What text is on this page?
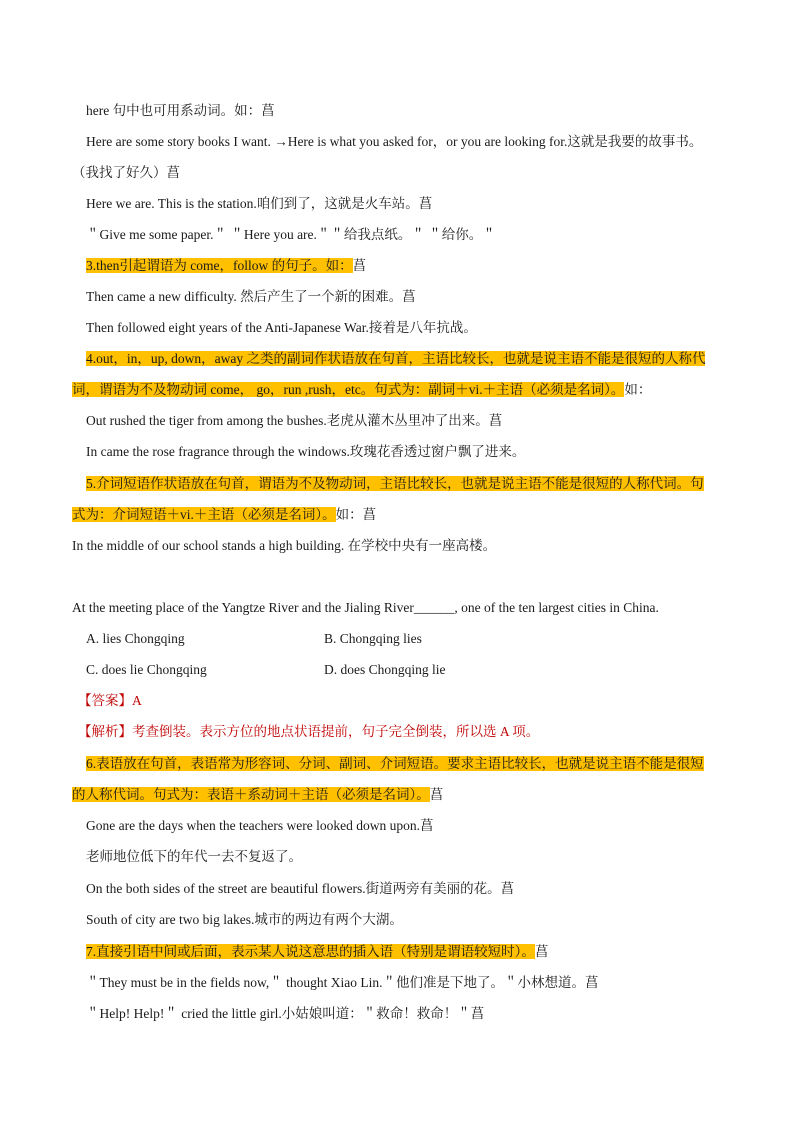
here 句中也可用系动词。如：菖
Here are some story books I want. →Here is what you asked for，or you are looking for.这就是我要的故事书。
（我找了好久）菖
Here we are. This is the station.咱们到了，这就是火车站。菖
＂Give me some paper.＂ ＂Here you are.＂＂给我点纸。＂ ＂给你。＂
3.then引起谓语为 come，follow 的句子。如：菖
Then came a new difficulty. 然后产生了一个新的困难。菖
Then followed eight years of the Anti-Japanese War.接着是八年抗战。
4.out，in，up, down，away 之类的副词作状语放在句首，主语比较长，也就是说主语不能是很短的人称代
词，谓语为不及物动词 come， go，run ,rush，etc。句式为：副词＋vi.＋主语（必须是名词）。如：
Out rushed the tiger from among the bushes.老虎从灌木丛里冲了出来。菖
In came the rose fragrance through the windows.玫瑰花香透过窗户飘了进来。
5.介词短语作状语放在句首，谓语为不及物动词，主语比较长，也就是说主语不能是很短的人称代词。句
式为：介词短语＋vi.＋主语（必须是名词）。如：菖
In the middle of our school stands a high building. 在学校中央有一座高楼。
At the meeting place of the Yangtze River and the Jialing River______, one of the ten largest cities in China.
A. lies Chongqing	B. Chongqing lies
C. does lie Chongqing	D. does Chongqing lie
【答案】A
【解析】考查倒装。表示方位的地点状语提前，句子完全倒装，所以选 A 项。
6.表语放在句首，表语常为形容词、分词、副词、介词短语。要求主语比较长，也就是说主语不能是很短
的人称代词。句式为：表语＋系动词＋主语（必须是名词）。菖
Gone are the days when the teachers were looked down upon.菖
老师地位低下的年代一去不复返了。
On the both sides of the street are beautiful flowers.街道两旁有美丽的花。菖
South of city are two big lakes.城市的两边有两个大湖。
7.直接引语中间或后面，表示某人说这意思的插入语（特别是谓语较短时）。菖
＂They must be in the fields now,＂ thought Xiao Lin.＂他们准是下地了。＂小林想道。菖
＂Help! Help!＂ cried the little girl.小姑娘叫道：＂救命！救命！＂菖
